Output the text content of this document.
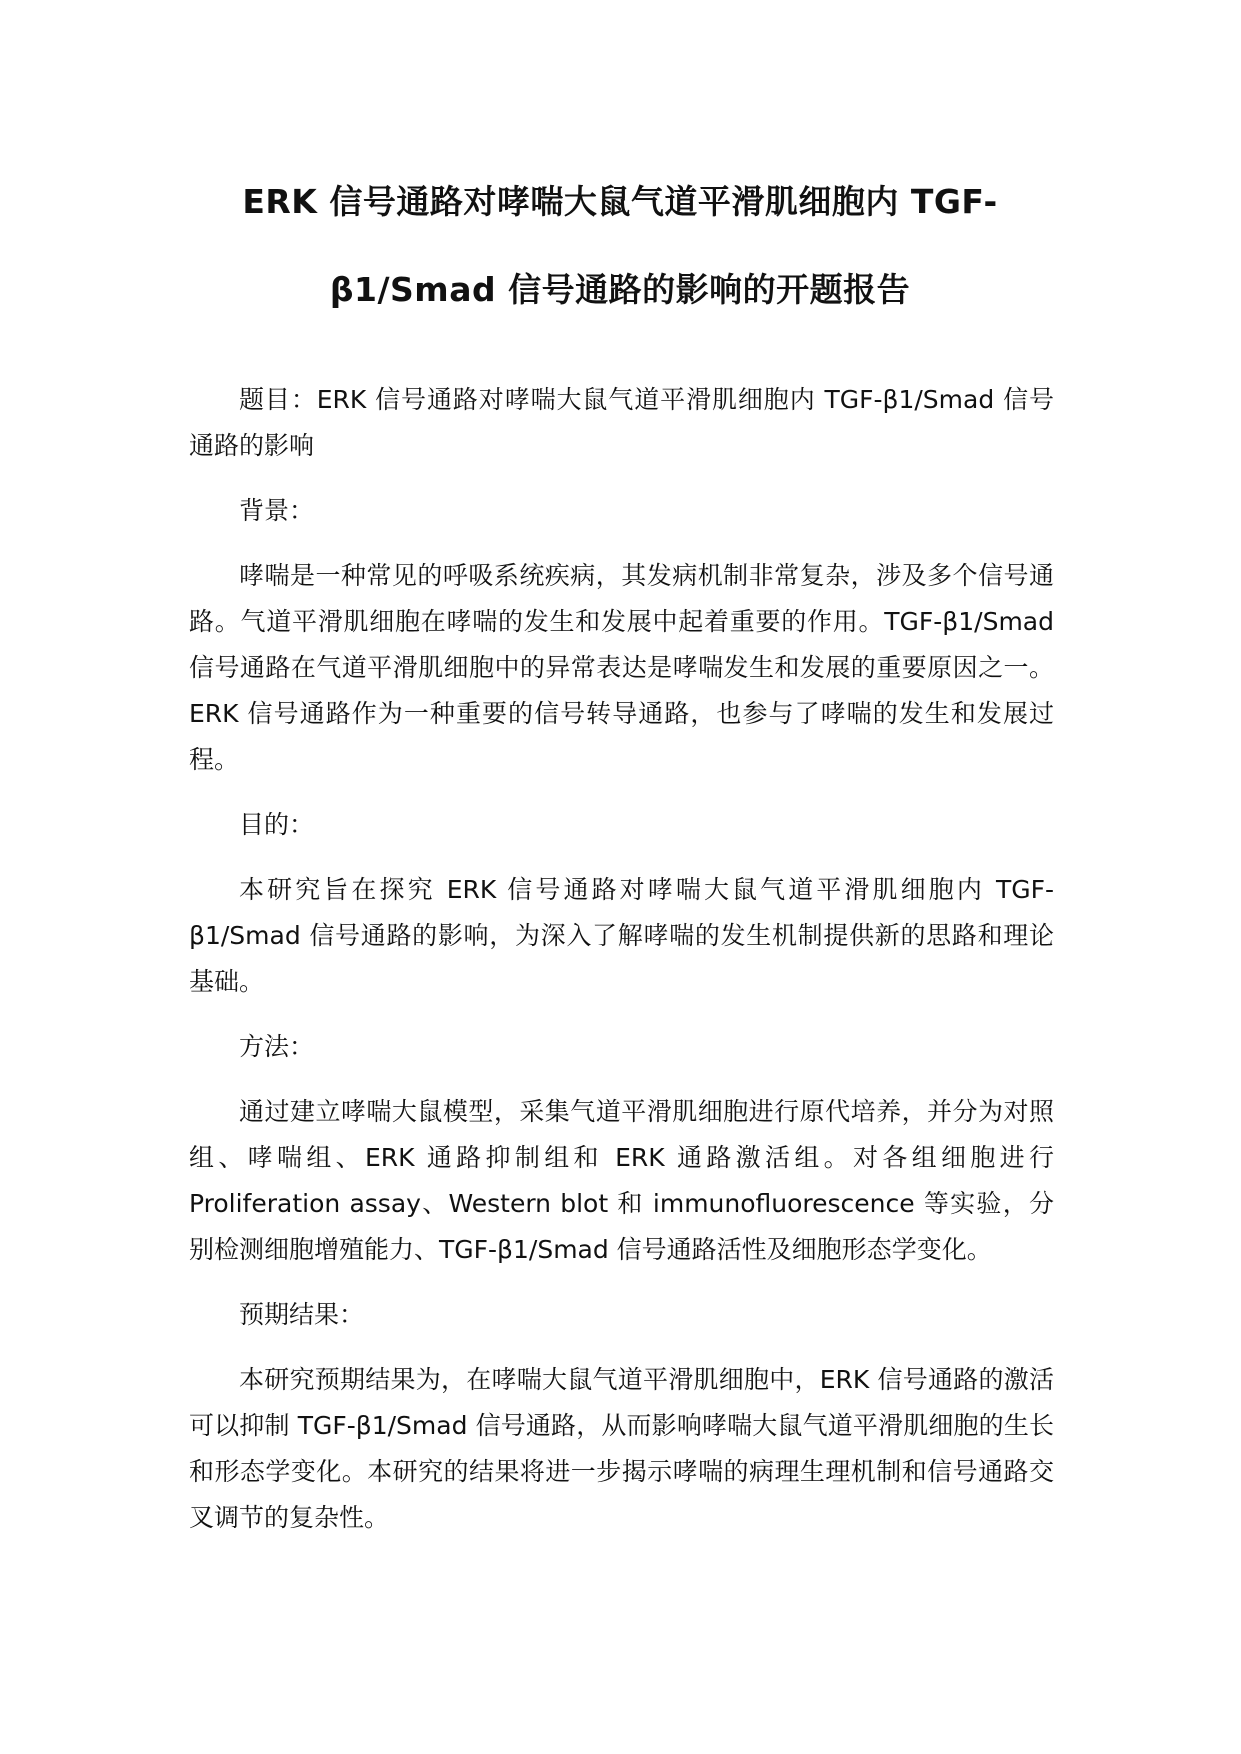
ERK 信号通路对哮喘大鼠气道平滑肌细胞内 TGF-β1/Smad 信号通路的影响的开题报告

题目：ERK 信号通路对哮喘大鼠气道平滑肌细胞内 TGF-β1/Smad 信号通路的影响

背景：

哮喘是一种常见的呼吸系统疾病，其发病机制非常复杂，涉及多个信号通路。气道平滑肌细胞在哮喘的发生和发展中起着重要的作用。TGF-β1/Smad 信号通路在气道平滑肌细胞中的异常表达是哮喘发生和发展的重要原因之一。ERK 信号通路作为一种重要的信号转导通路，也参与了哮喘的发生和发展过程。

目的：

本研究旨在探究 ERK 信号通路对哮喘大鼠气道平滑肌细胞内 TGF-β1/Smad 信号通路的影响，为深入了解哮喘的发生机制提供新的思路和理论基础。

方法：

通过建立哮喘大鼠模型，采集气道平滑肌细胞进行原代培养，并分为对照组、哮喘组、ERK 通路抑制组和 ERK 通路激活组。对各组细胞进行 Proliferation assay、Western blot 和 immunofluorescence 等实验，分别检测细胞增殖能力、TGF-β1/Smad 信号通路活性及细胞形态学变化。

预期结果：

本研究预期结果为，在哮喘大鼠气道平滑肌细胞中，ERK 信号通路的激活可以抑制 TGF-β1/Smad 信号通路，从而影响哮喘大鼠气道平滑肌细胞的生长和形态学变化。本研究的结果将进一步揭示哮喘的病理生理机制和信号通路交叉调节的复杂性。
